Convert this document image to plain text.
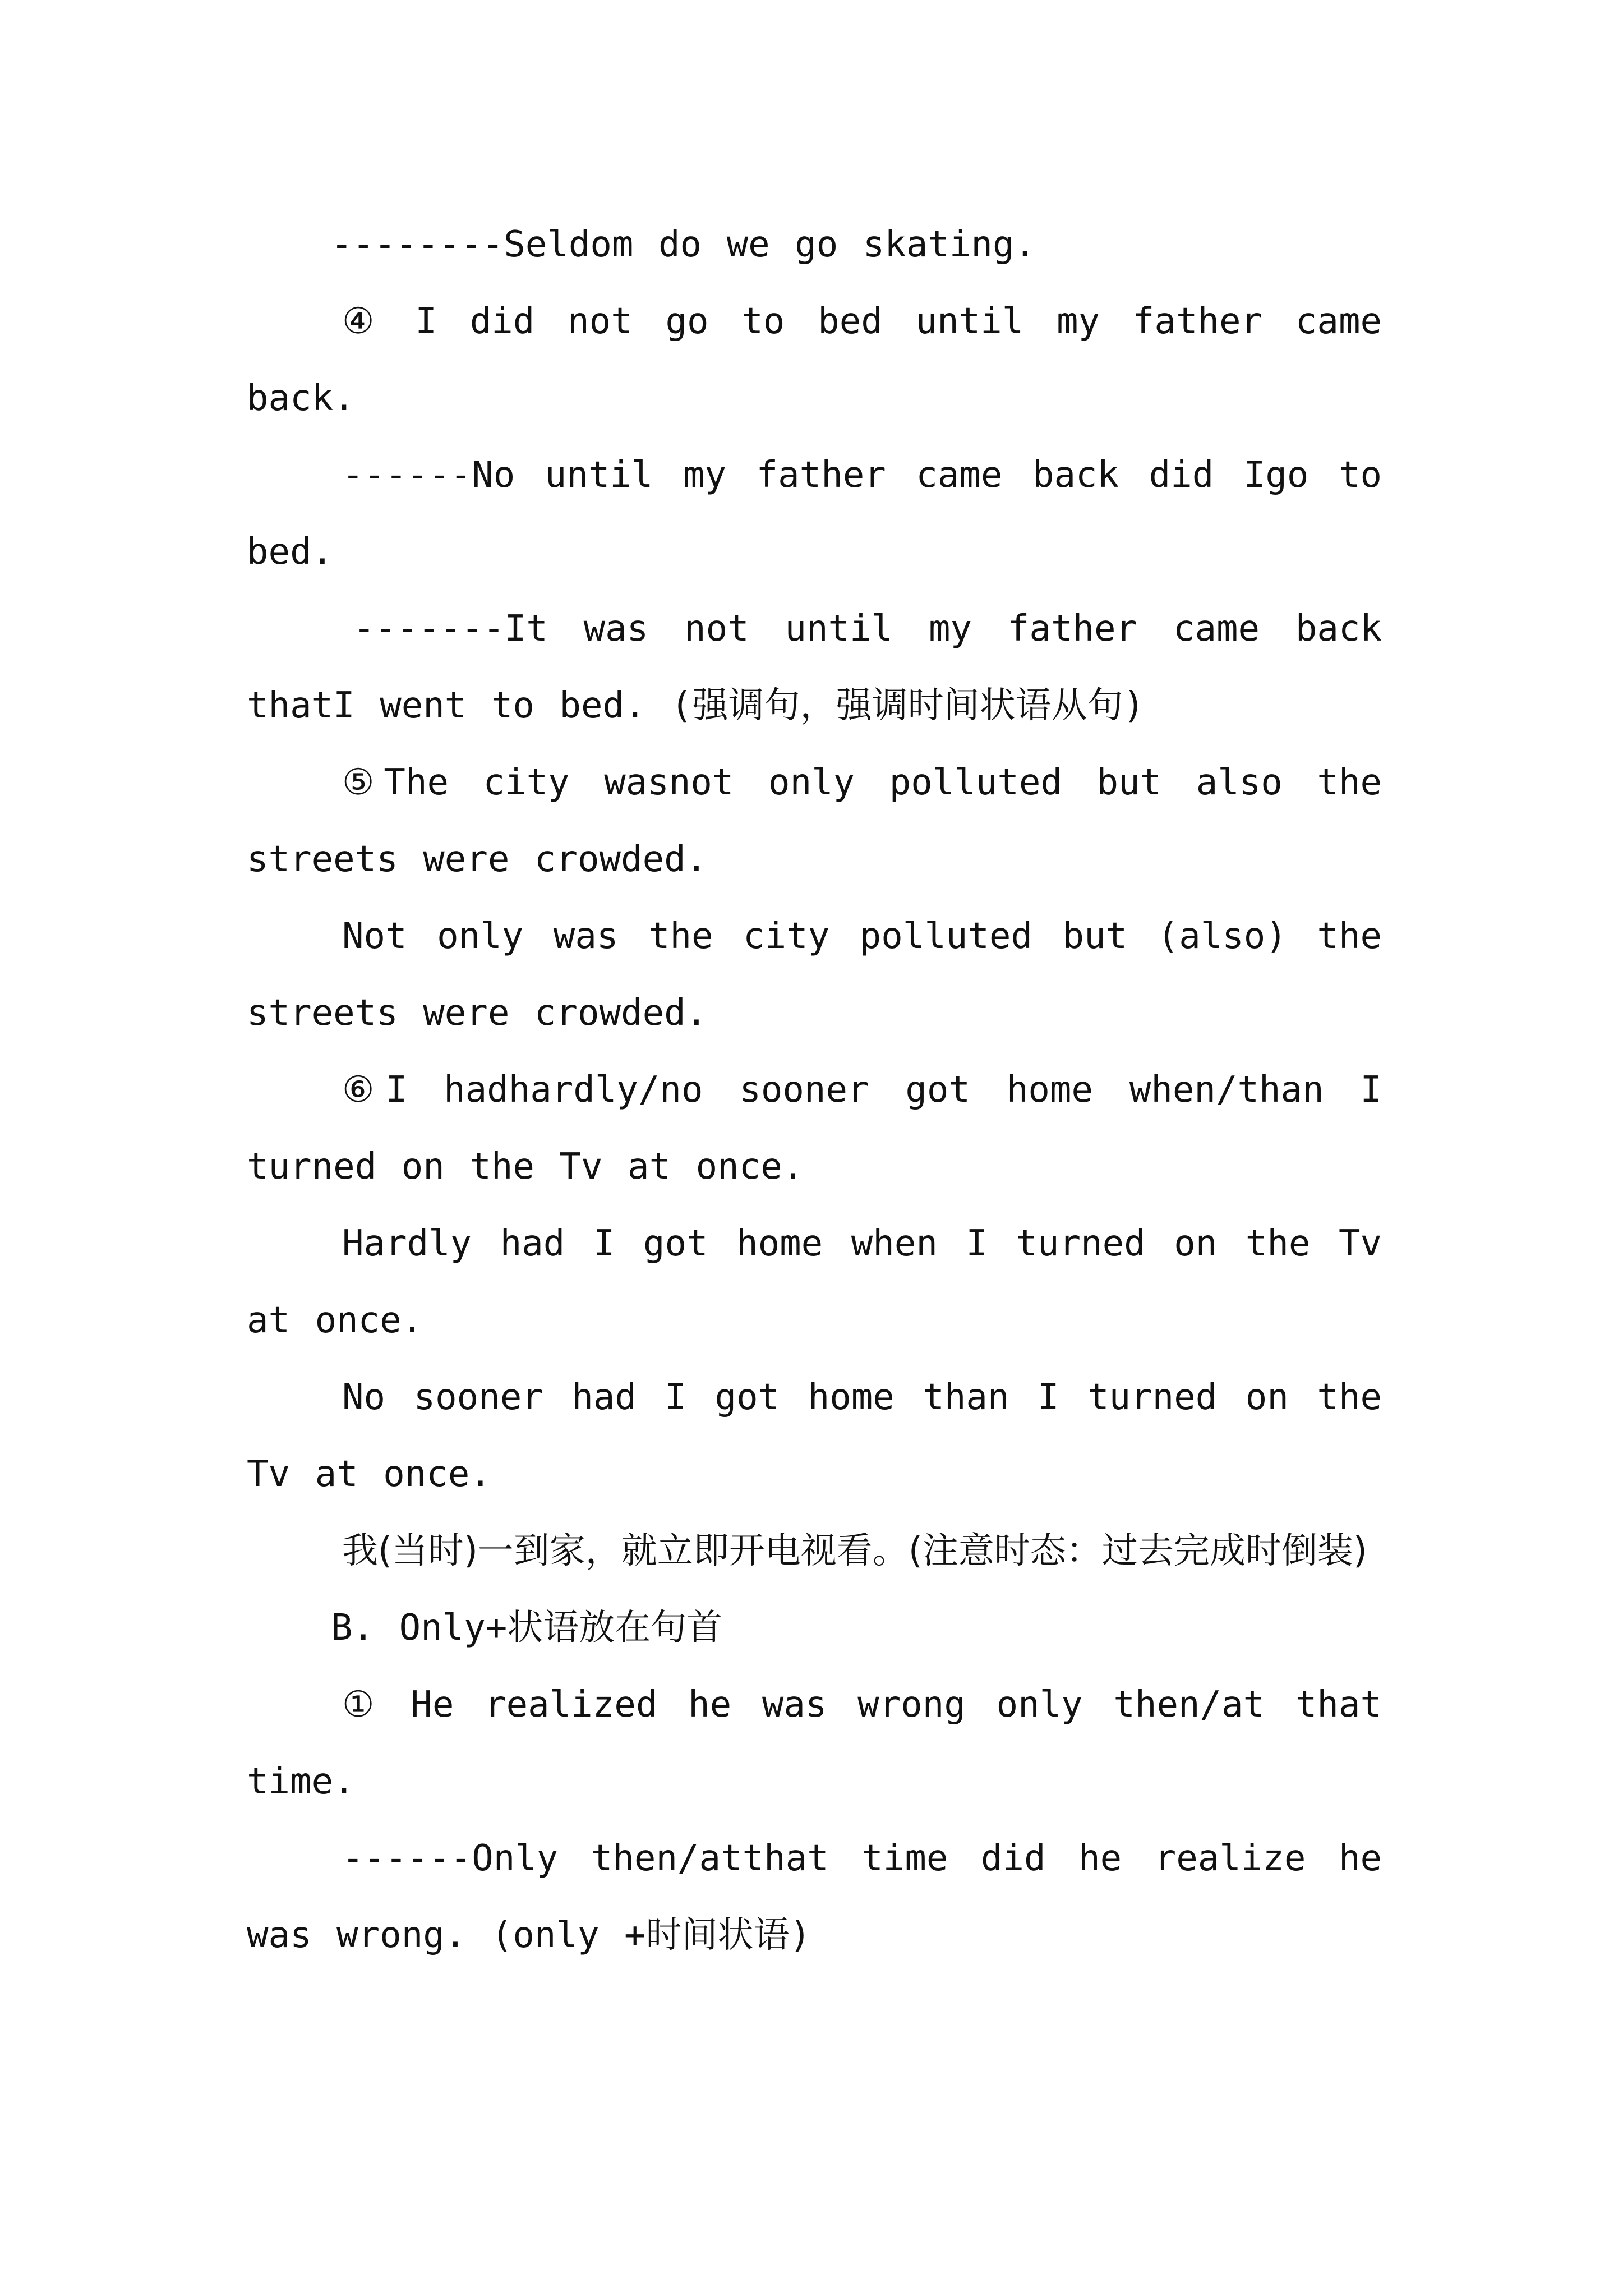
--------Seldom do we go skating.

④ I did not go to bed until my father came back.

------No until my father came back did Igo to bed.

-------It was not until my father came back thatI went to bed. (强调句，强调时间状语从句)

⑤The city wasnot only polluted but also the streets were crowded.

Not only was the city polluted but (also) the streets were crowded.

⑥I hadhardly/no sooner got home when/than I turned on the Tv at once.

Hardly had I got home when I turned on the Tv at once.

No sooner had I got home than I turned on the Tv at once.

我(当时)一到家，就立即开电视看。(注意时态：过去完成时倒装)

B. Only+状语放在句首

① He realized he was wrong only then/at that time.

------Only then/atthat time did he realize he was wrong. (only +时间状语)
